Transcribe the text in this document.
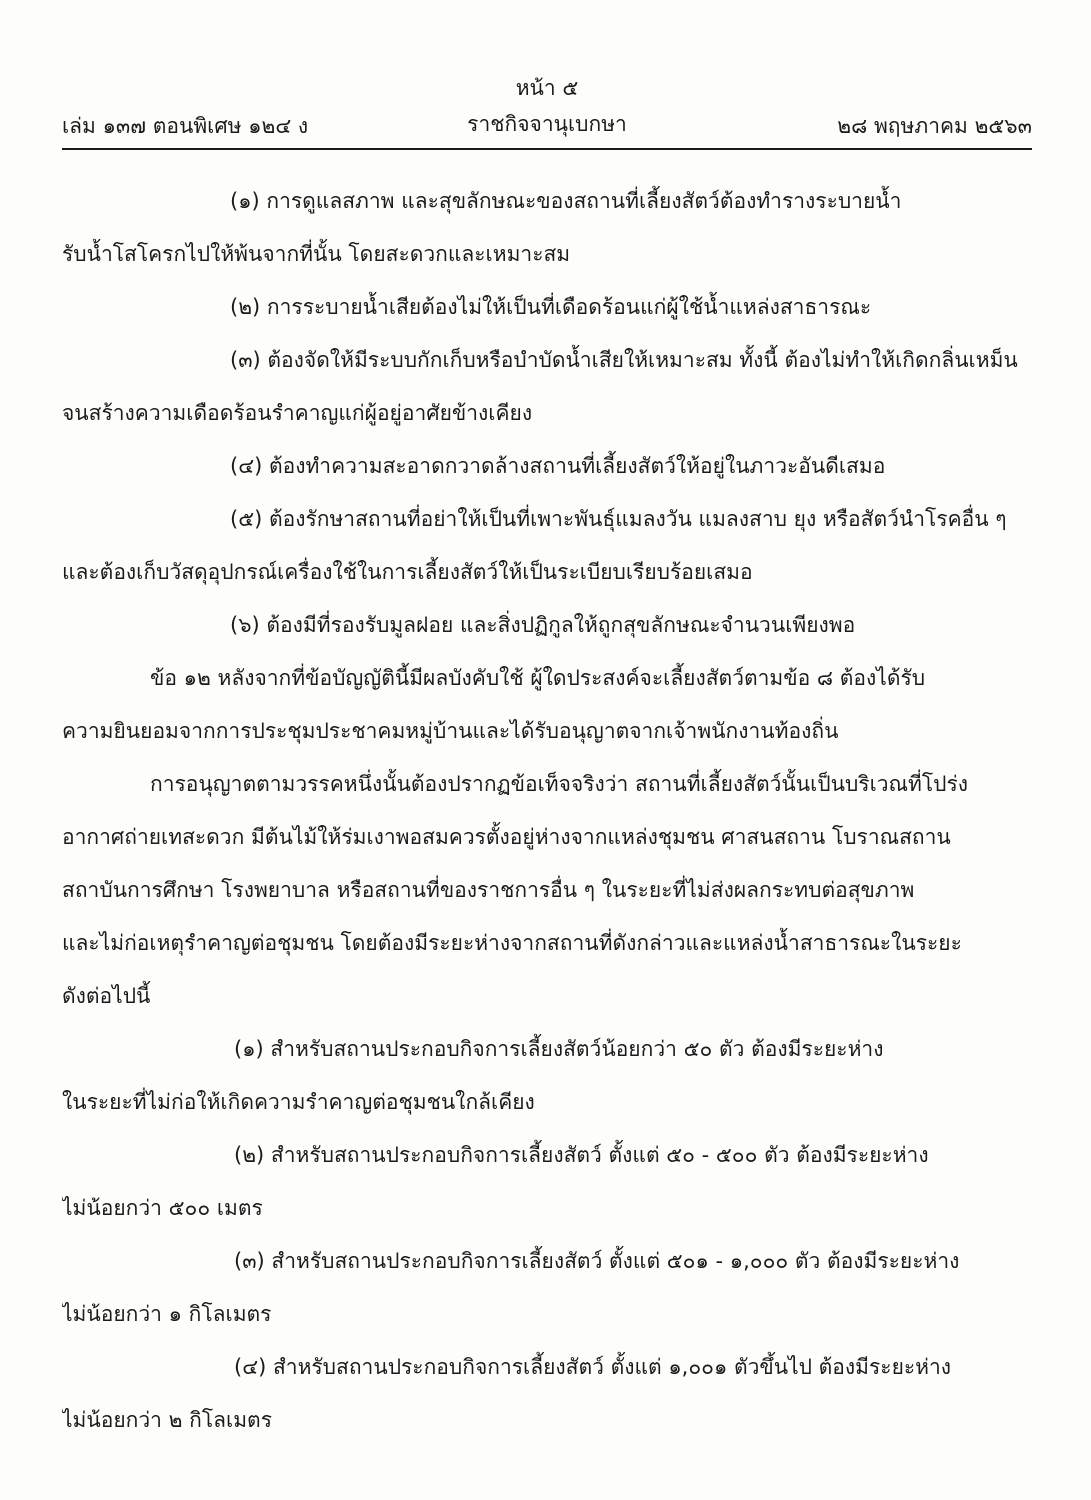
หน้า ๕
เล่ม ๑๓๗ ตอนพิเศษ ๑๒๔ ง	ราชกิจจานุเบกษา	๒๘ พฤษภาคม ๒๕๖๓
(๑) การดูแลสภาพ และสุขลักษณะของสถานที่เลี้ยงสัตว์ต้องทำรางระบายน้ำ
รับน้ำโสโครกไปให้พ้นจากที่นั้น โดยสะดวกและเหมาะสม
(๒) การระบายน้ำเสียต้องไม่ให้เป็นที่เดือดร้อนแก่ผู้ใช้น้ำแหล่งสาธารณะ
(๓) ต้องจัดให้มีระบบกักเก็บหรือบำบัดน้ำเสียให้เหมาะสม ทั้งนี้ ต้องไม่ทำให้เกิดกลิ่นเหม็น
จนสร้างความเดือดร้อนรำคาญแก่ผู้อยู่อาศัยข้างเคียง
(๔) ต้องทำความสะอาดกวาดล้างสถานที่เลี้ยงสัตว์ให้อยู่ในภาวะอันดีเสมอ
(๕) ต้องรักษาสถานที่อย่าให้เป็นที่เพาะพันธุ์แมลงวัน แมลงสาบ ยุง หรือสัตว์นำโรคอื่น ๆ
และต้องเก็บวัสดุอุปกรณ์เครื่องใช้ในการเลี้ยงสัตว์ให้เป็นระเบียบเรียบร้อยเสมอ
(๖) ต้องมีที่รองรับมูลฝอย และสิ่งปฏิกูลให้ถูกสุขลักษณะจำนวนเพียงพอ
ข้อ ๑๒ หลังจากที่ข้อบัญญัตินี้มีผลบังคับใช้ ผู้ใดประสงค์จะเลี้ยงสัตว์ตามข้อ ๘ ต้องได้รับ
ความยินยอมจากการประชุมประชาคมหมู่บ้านและได้รับอนุญาตจากเจ้าพนักงานท้องถิ่น
การอนุญาตตามวรรคหนึ่งนั้นต้องปรากฏข้อเท็จจริงว่า สถานที่เลี้ยงสัตว์นั้นเป็นบริเวณที่โปร่ง
อากาศถ่ายเทสะดวก มีต้นไม้ให้ร่มเงาพอสมควรตั้งอยู่ห่างจากแหล่งชุมชน ศาสนสถาน โบราณสถาน
สถาบันการศึกษา โรงพยาบาล หรือสถานที่ของราชการอื่น ๆ ในระยะที่ไม่ส่งผลกระทบต่อสุขภาพ
และไม่ก่อเหตุรำคาญต่อชุมชน โดยต้องมีระยะห่างจากสถานที่ดังกล่าวและแหล่งน้ำสาธารณะในระยะ
ดังต่อไปนี้
(๑) สำหรับสถานประกอบกิจการเลี้ยงสัตว์น้อยกว่า ๕๐ ตัว ต้องมีระยะห่าง
ในระยะที่ไม่ก่อให้เกิดความรำคาญต่อชุมชนใกล้เคียง
(๒) สำหรับสถานประกอบกิจการเลี้ยงสัตว์ ตั้งแต่ ๕๐ - ๕๐๐ ตัว ต้องมีระยะห่าง
ไม่น้อยกว่า ๕๐๐ เมตร
(๓) สำหรับสถานประกอบกิจการเลี้ยงสัตว์ ตั้งแต่ ๕๐๑ - ๑,๐๐๐ ตัว ต้องมีระยะห่าง
ไม่น้อยกว่า ๑ กิโลเมตร
(๔) สำหรับสถานประกอบกิจการเลี้ยงสัตว์ ตั้งแต่ ๑,๐๐๑ ตัวขึ้นไป ต้องมีระยะห่าง
ไม่น้อยกว่า ๒ กิโลเมตร
